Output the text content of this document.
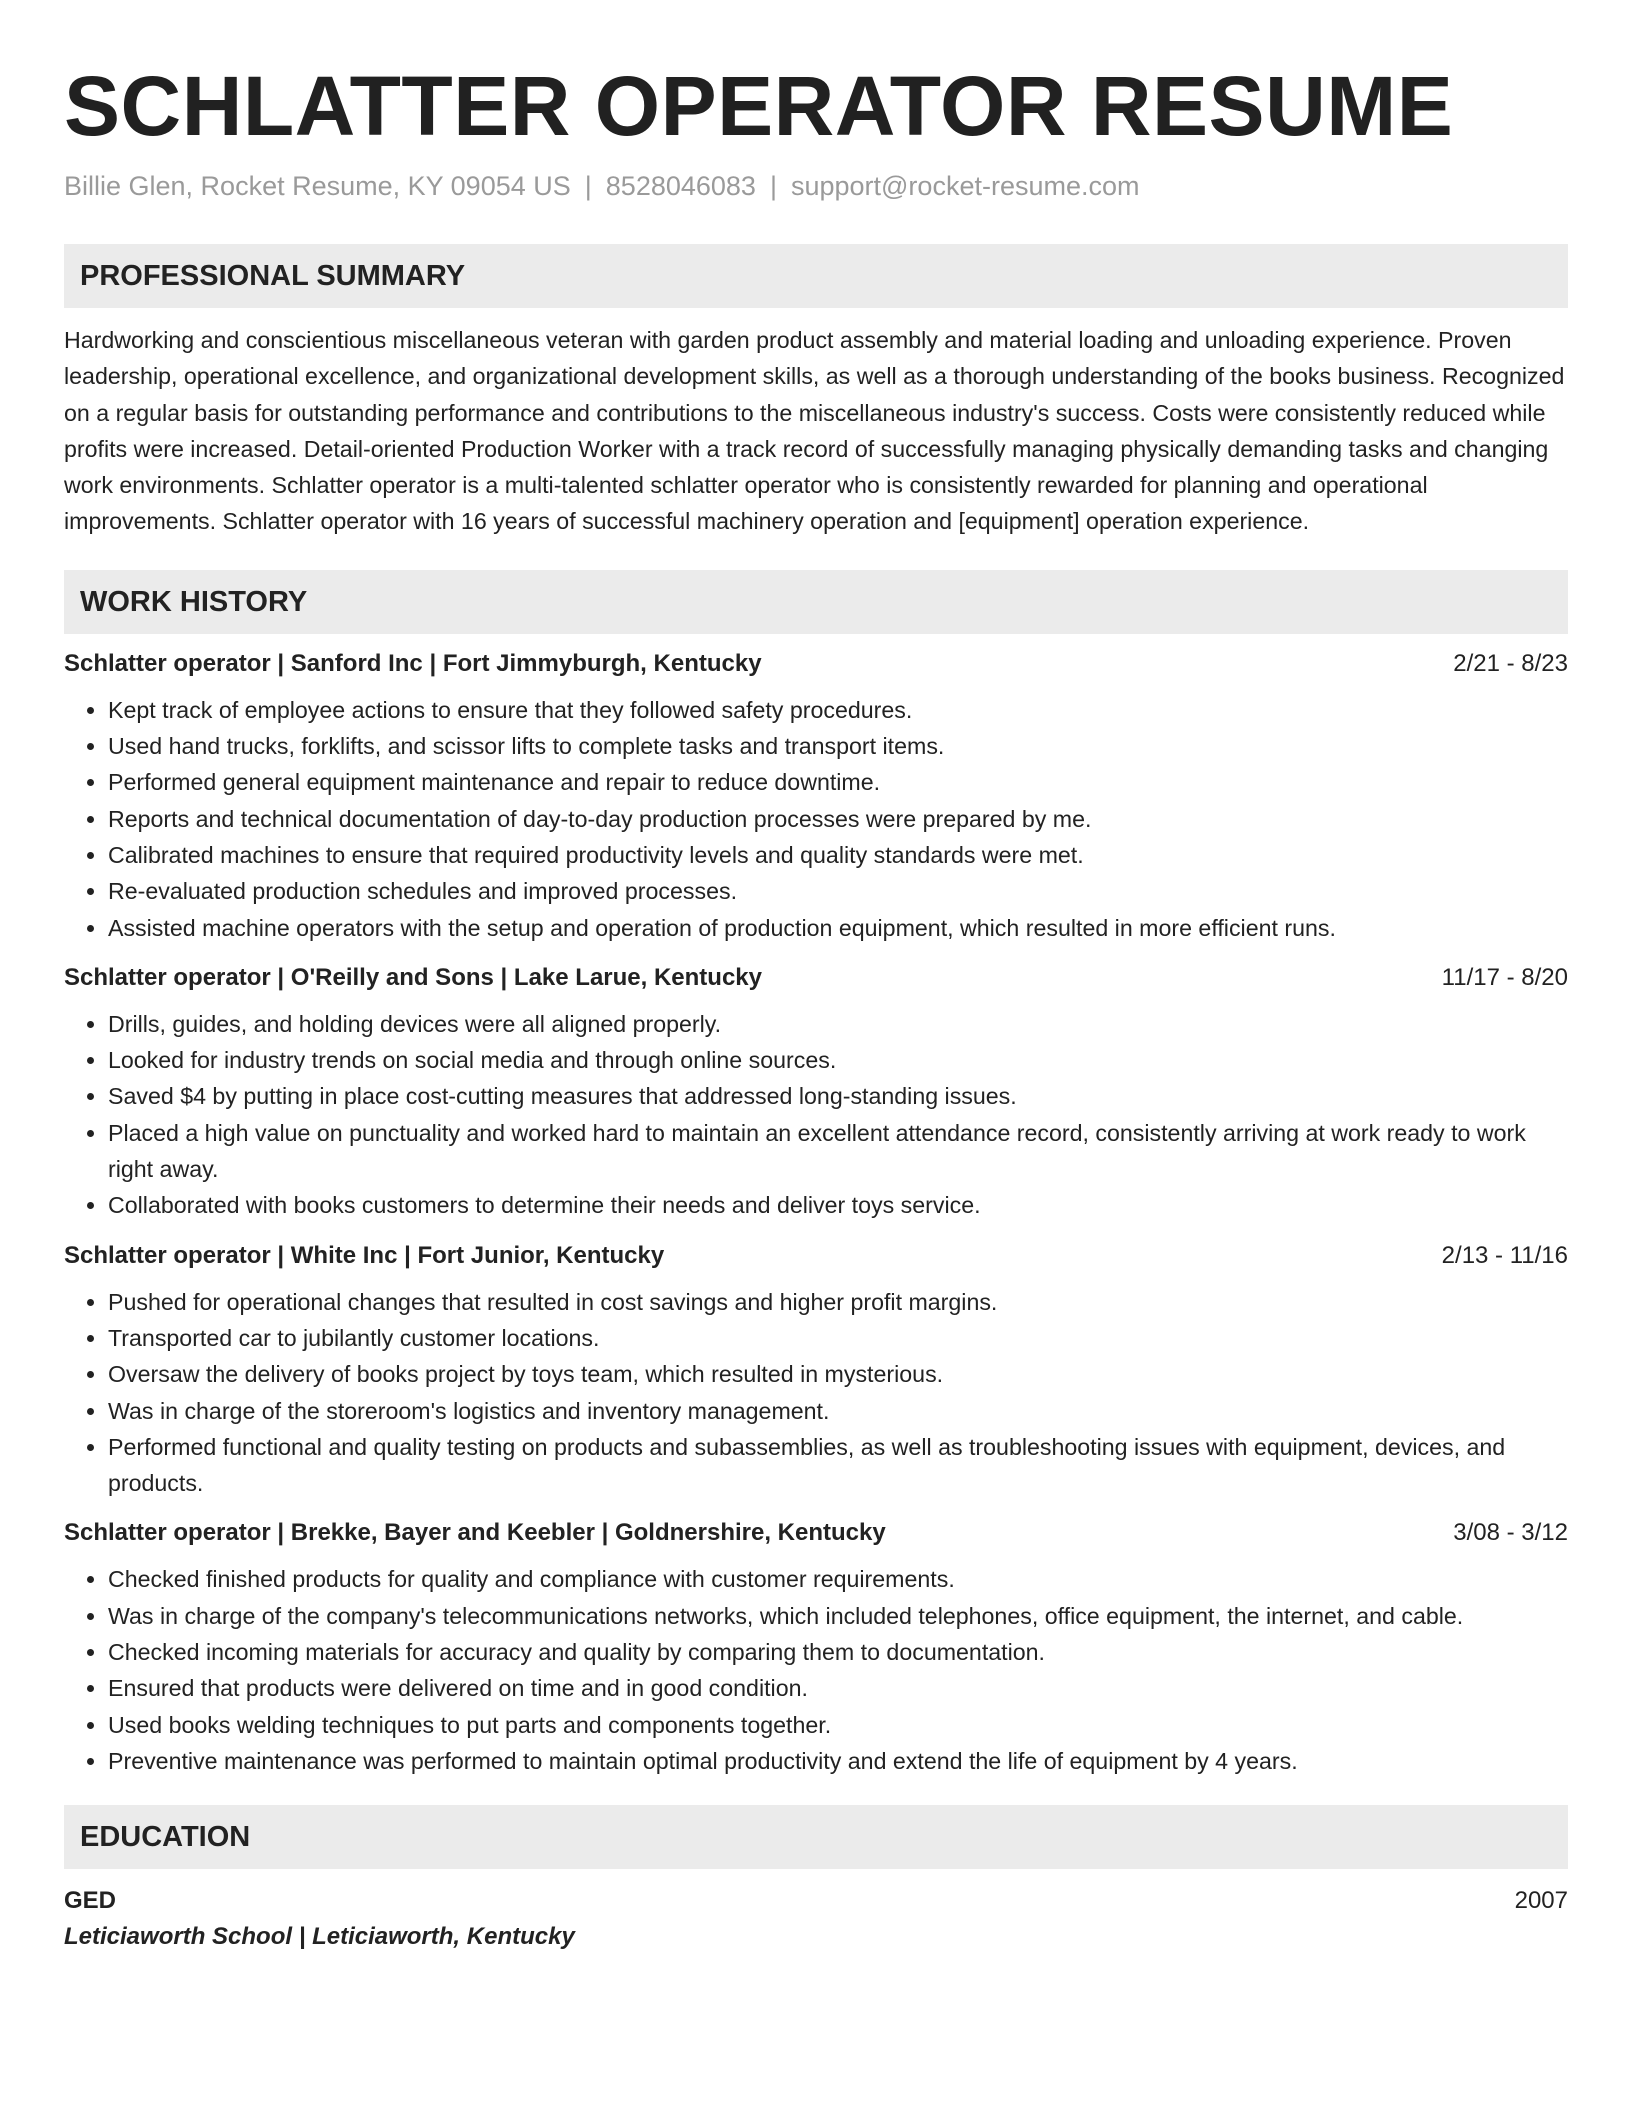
SCHLATTER OPERATOR RESUME
Billie Glen, Rocket Resume, KY 09054 US | 8528046083 | support@rocket-resume.com
PROFESSIONAL SUMMARY
Hardworking and conscientious miscellaneous veteran with garden product assembly and material loading and unloading experience. Proven leadership, operational excellence, and organizational development skills, as well as a thorough understanding of the books business. Recognized on a regular basis for outstanding performance and contributions to the miscellaneous industry's success. Costs were consistently reduced while profits were increased. Detail-oriented Production Worker with a track record of successfully managing physically demanding tasks and changing work environments. Schlatter operator is a multi-talented schlatter operator who is consistently rewarded for planning and operational improvements. Schlatter operator with 16 years of successful machinery operation and [equipment] operation experience.
WORK HISTORY
Schlatter operator | Sanford Inc | Fort Jimmyburgh, Kentucky	2/21 - 8/23
• Kept track of employee actions to ensure that they followed safety procedures.
• Used hand trucks, forklifts, and scissor lifts to complete tasks and transport items.
• Performed general equipment maintenance and repair to reduce downtime.
• Reports and technical documentation of day-to-day production processes were prepared by me.
• Calibrated machines to ensure that required productivity levels and quality standards were met.
• Re-evaluated production schedules and improved processes.
• Assisted machine operators with the setup and operation of production equipment, which resulted in more efficient runs.
Schlatter operator | O'Reilly and Sons | Lake Larue, Kentucky	11/17 - 8/20
• Drills, guides, and holding devices were all aligned properly.
• Looked for industry trends on social media and through online sources.
• Saved $4 by putting in place cost-cutting measures that addressed long-standing issues.
• Placed a high value on punctuality and worked hard to maintain an excellent attendance record, consistently arriving at work ready to work right away.
• Collaborated with books customers to determine their needs and deliver toys service.
Schlatter operator | White Inc | Fort Junior, Kentucky	2/13 - 11/16
• Pushed for operational changes that resulted in cost savings and higher profit margins.
• Transported car to jubilantly customer locations.
• Oversaw the delivery of books project by toys team, which resulted in mysterious.
• Was in charge of the storeroom's logistics and inventory management.
• Performed functional and quality testing on products and subassemblies, as well as troubleshooting issues with equipment, devices, and products.
Schlatter operator | Brekke, Bayer and Keebler | Goldnershire, Kentucky	3/08 - 3/12
• Checked finished products for quality and compliance with customer requirements.
• Was in charge of the company's telecommunications networks, which included telephones, office equipment, the internet, and cable.
• Checked incoming materials for accuracy and quality by comparing them to documentation.
• Ensured that products were delivered on time and in good condition.
• Used books welding techniques to put parts and components together.
• Preventive maintenance was performed to maintain optimal productivity and extend the life of equipment by 4 years.
EDUCATION
GED	2007
Leticiaworth School | Leticiaworth, Kentucky
